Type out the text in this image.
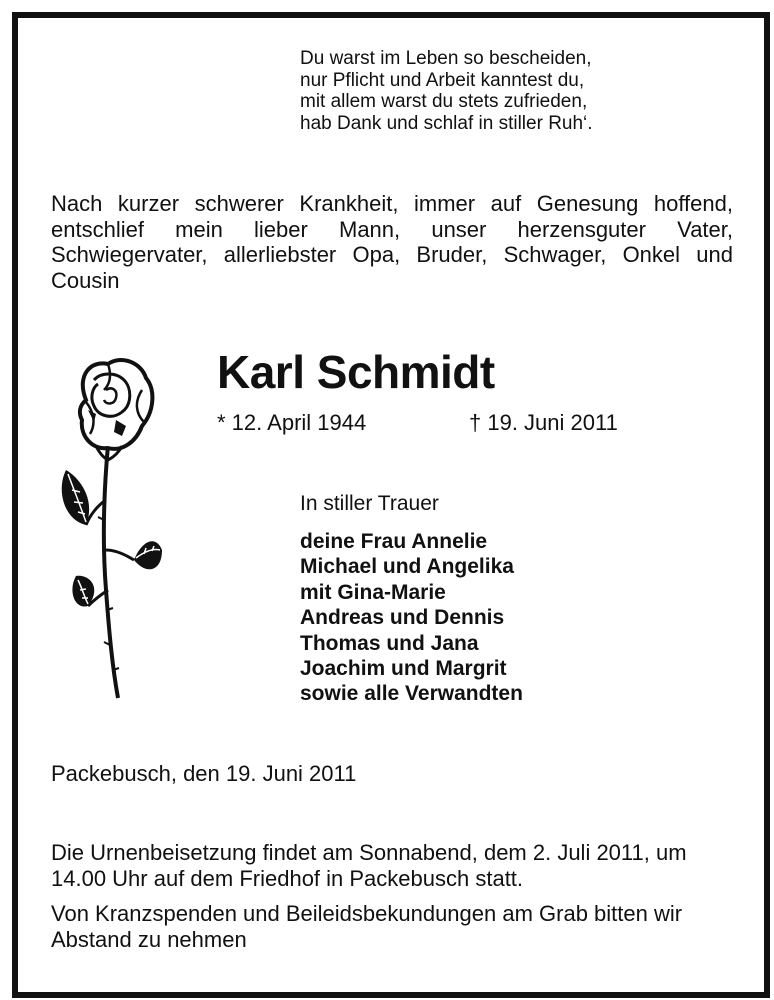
Du warst im Leben so bescheiden,
nur Pflicht und Arbeit kanntest du,
mit allem warst du stets zufrieden,
hab Dank und schlaf in stiller Ruh‘.
Nach kurzer schwerer Krankheit, immer auf Genesung hoffend, entschlief mein lieber Mann, unser herzensguter Vater, Schwiegervater, allerliebster Opa, Bruder, Schwager, Onkel und Cousin
Karl Schmidt
* 12. April 1944	† 19. Juni 2011
In stiller Trauer
deine Frau Annelie
Michael und Angelika
mit Gina-Marie
Andreas und Dennis
Thomas und Jana
Joachim und Margrit
sowie alle Verwandten
Packebusch, den 19. Juni 2011
Die Urnenbeisetzung findet am Sonnabend, dem 2. Juli 2011, um 14.00 Uhr auf dem Friedhof in Packebusch statt.
Von Kranzspenden und Beileidsbekundungen am Grab bitten wir Abstand zu nehmen
